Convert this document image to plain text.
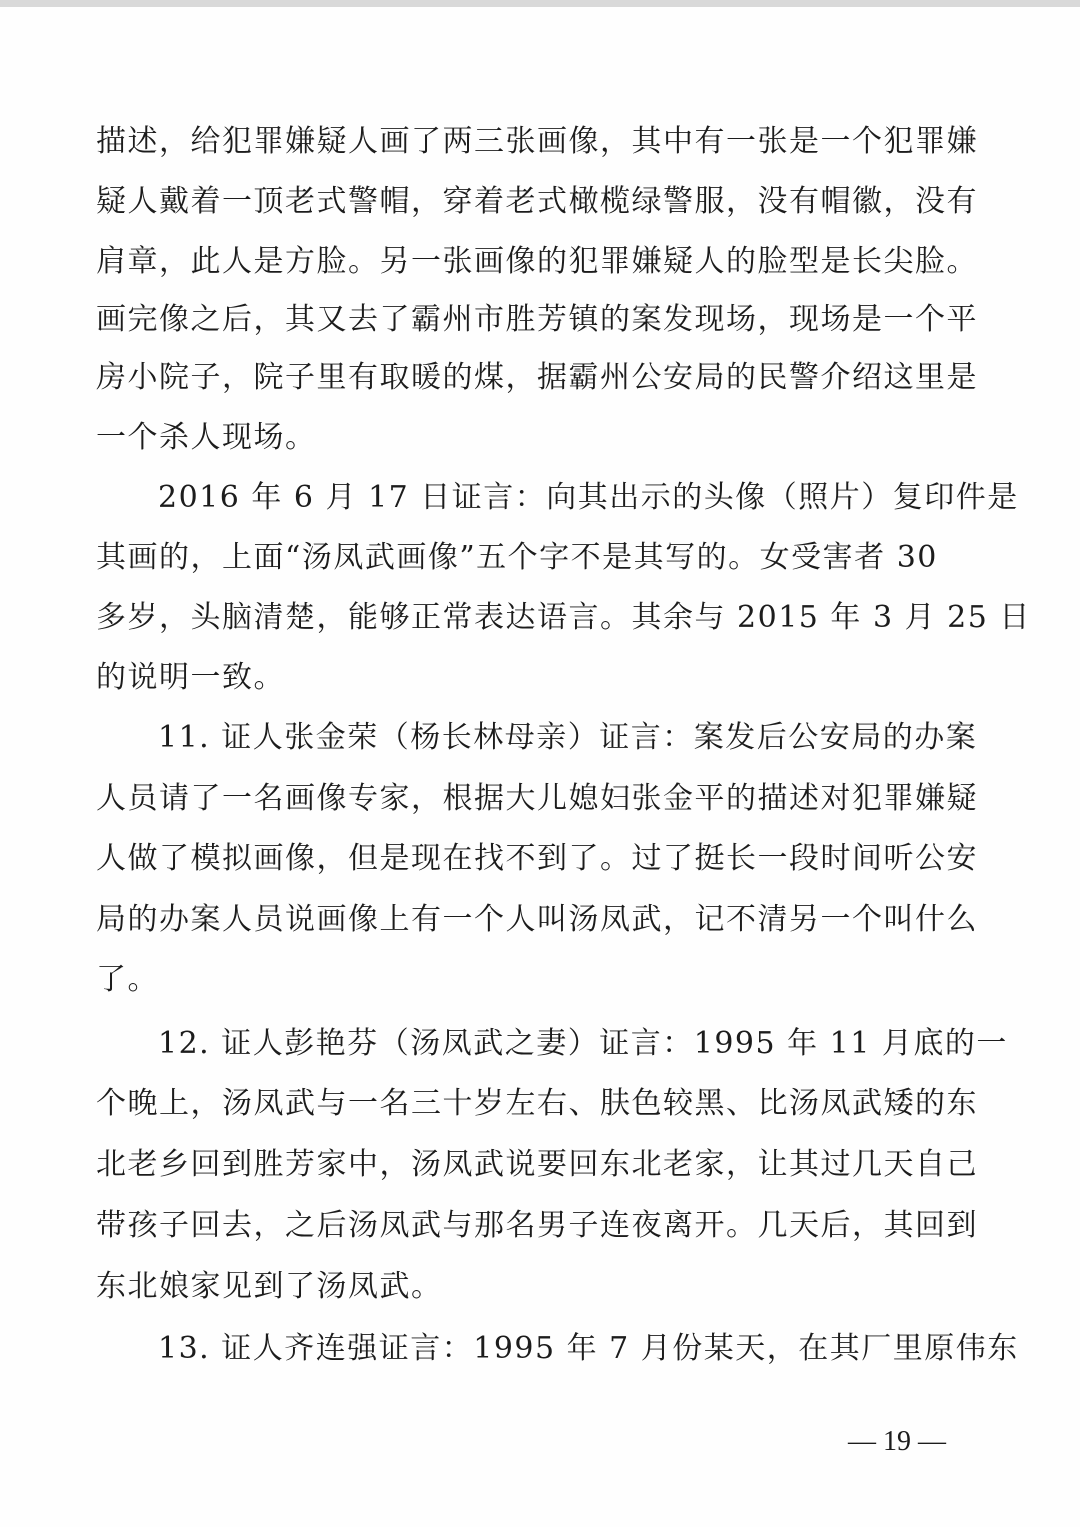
描述，给犯罪嫌疑人画了两三张画像，其中有一张是一个犯罪嫌
疑人戴着一顶老式警帽，穿着老式橄榄绿警服，没有帽徽，没有
肩章，此人是方脸。另一张画像的犯罪嫌疑人的脸型是长尖脸。
画完像之后，其又去了霸州市胜芳镇的案发现场，现场是一个平
房小院子，院子里有取暖的煤，据霸州公安局的民警介绍这里是
一个杀人现场。
2016 年 6 月 17 日证言：向其出示的头像（照片）复印件是
其画的，上面“汤凤武画像”五个字不是其写的。女受害者 30
多岁，头脑清楚，能够正常表达语言。其余与 2015 年 3 月 25 日
的说明一致。
11. 证人张金荣（杨长林母亲）证言：案发后公安局的办案
人员请了一名画像专家，根据大儿媳妇张金平的描述对犯罪嫌疑
人做了模拟画像，但是现在找不到了。过了挺长一段时间听公安
局的办案人员说画像上有一个人叫汤凤武，记不清另一个叫什么
了。
12. 证人彭艳芬（汤凤武之妻）证言：1995 年 11 月底的一
个晚上，汤凤武与一名三十岁左右、肤色较黑、比汤凤武矮的东
北老乡回到胜芳家中，汤凤武说要回东北老家，让其过几天自己
带孩子回去，之后汤凤武与那名男子连夜离开。几天后，其回到
东北娘家见到了汤凤武。
13. 证人齐连强证言：1995 年 7 月份某天，在其厂里原伟东
— 19 —
